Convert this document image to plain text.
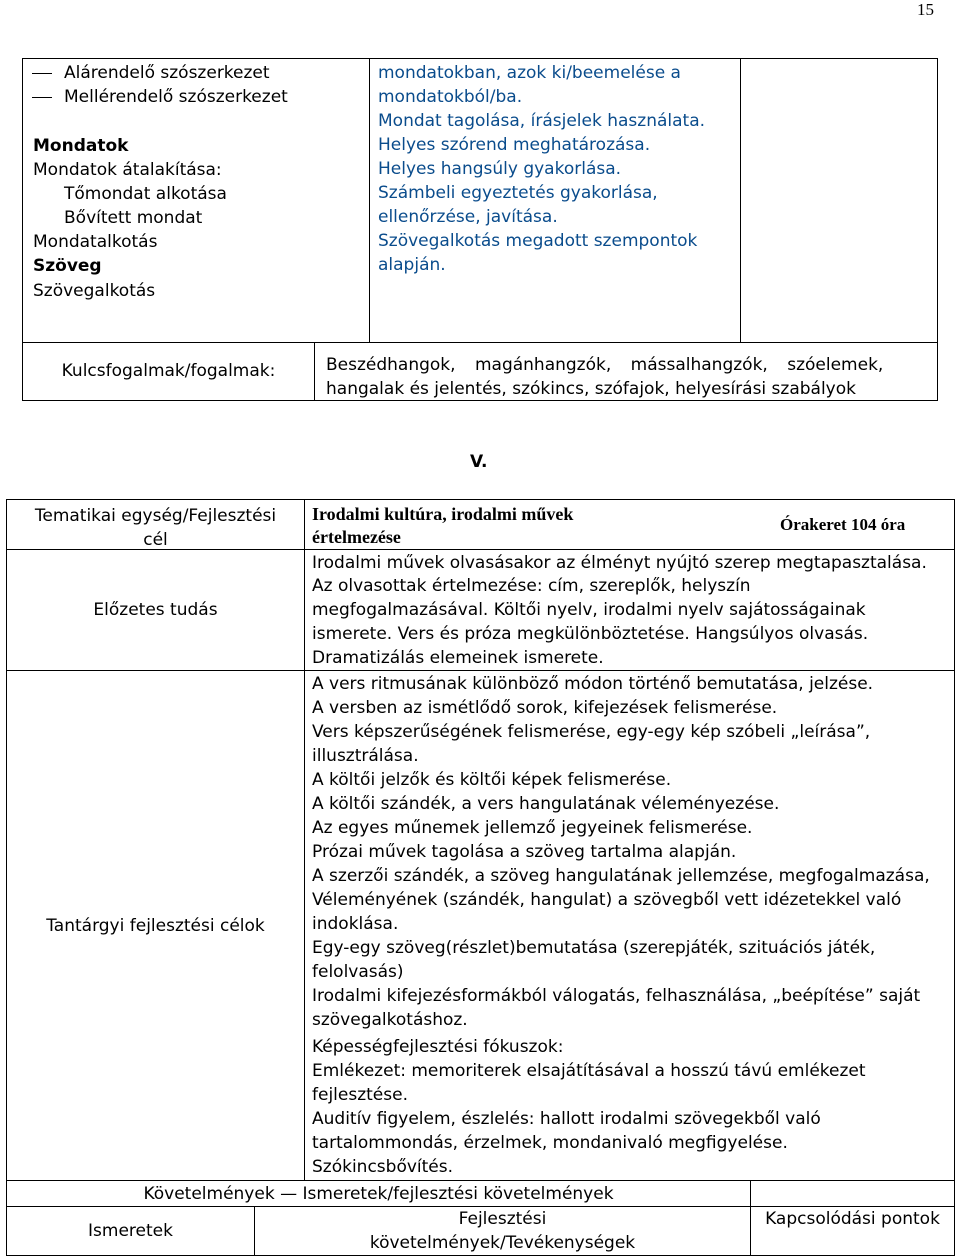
15
Alárendelő szószerkezet
Mellérendelő szószerkezet
Mondatok
Mondatok átalakítása:
Tőmondat alkotása
Bővített mondat
Mondatalkotás
Szöveg
Szövegalkotás
mondatokban, azok ki/beemelése a
mondatokból/ba.
Mondat tagolása, írásjelek használata.
Helyes szórend meghatározása.
Helyes hangsúly gyakorlása.
Számbeli egyeztetés gyakorlása,
ellenőrzése, javítása.
Szövegalkotás megadott szempontok
alapján.
Kulcsfogalmak/fogalmak:	Beszédhangok, magánhangzók, mássalhangzók, szóelemek,
hangalak és jelentés, szókincs, szófajok, helyesírási szabályok
V.
Tematikai egység/Fejlesztési
cél
Irodalmi kultúra, irodalmi művek
értelmezése
Órakeret 104 óra
Előzetes tudás
Irodalmi művek olvasásakor az élményt nyújtó szerep megtapasztalása.
Az olvasottak értelmezése: cím, szereplők, helyszín
megfogalmazásával. Költői nyelv, irodalmi nyelv sajátosságainak
ismerete. Vers és próza megkülönböztetése. Hangsúlyos olvasás.
Dramatizálás elemeinek ismerete.
Tantárgyi fejlesztési célok
A vers ritmusának különböző módon történő bemutatása, jelzése.
A versben az ismétlődő sorok, kifejezések felismerése.
Vers képszerűségének felismerése, egy-egy kép szóbeli „leírása”,
illusztrálása.
A költői jelzők és költői képek felismerése.
A költői szándék, a vers hangulatának véleményezése.
Az egyes műnemek jellemző jegyeinek felismerése.
Prózai művek tagolása a szöveg tartalma alapján.
A szerzői szándék, a szöveg hangulatának jellemzése, megfogalmazása,
Véleményének (szándék, hangulat) a szövegből vett idézetekkel való
indoklása.
Egy-egy szöveg(részlet)bemutatása (szerepjáték, szituációs játék,
felolvasás)
Irodalmi kifejezésformákból válogatás, felhasználása, „beépítése” saját
szövegalkotáshoz.
Képességfejlesztési fókuszok:
Emlékezet: memoriterek elsajátításával a hosszú távú emlékezet
fejlesztése.
Auditív figyelem, észlelés: hallott irodalmi szövegekből való
tartalommondás, érzelmek, mondanivaló megfigyelése.
Szókincsbővítés.
Követelmények — Ismeretek/fejlesztési követelmények
Ismeretek
Fejlesztési
követelmények/Tevékenységek
Kapcsolódási pontok
